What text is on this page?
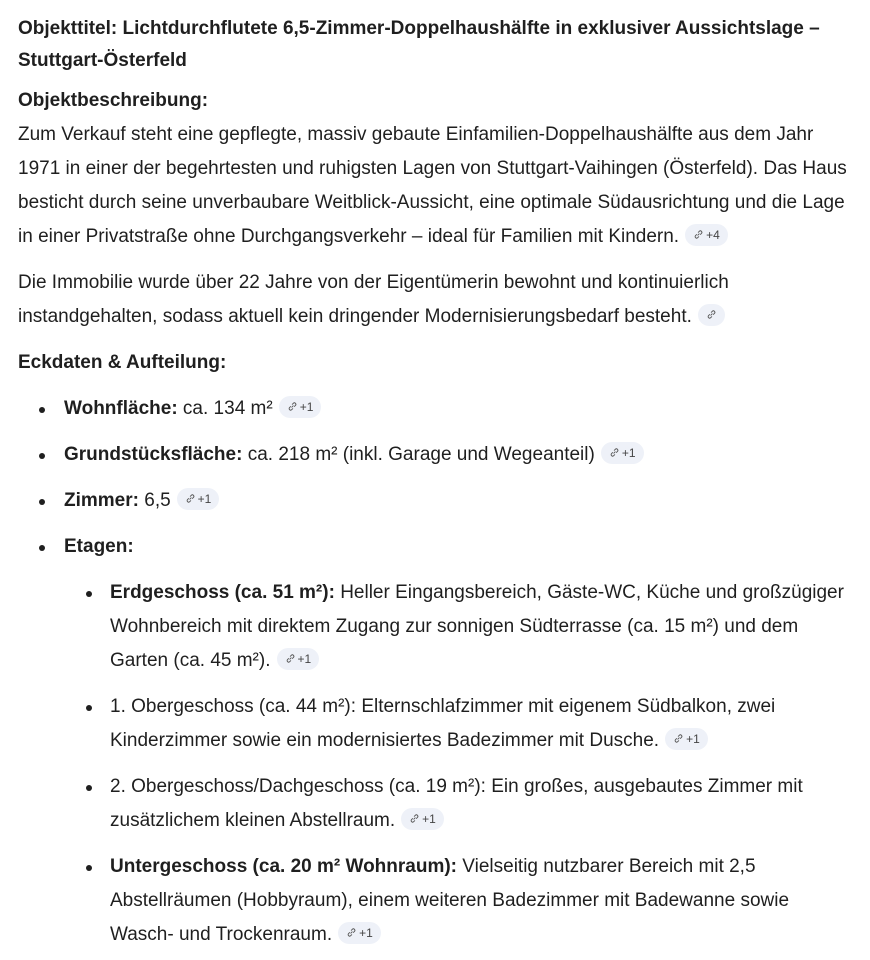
Objekttitel: Lichtdurchflutete 6,5-Zimmer-Doppelhaushälfte in exklusiver Aussichtslage – Stuttgart-Österfeld

Objektbeschreibung:

Zum Verkauf steht eine gepflegte, massiv gebaute Einfamilien-Doppelhaushälfte aus dem Jahr 1971 in einer der begehrtesten und ruhigsten Lagen von Stuttgart-Vaihingen (Österfeld). Das Haus besticht durch seine unverbaubare Weitblick-Aussicht, eine optimale Südausrichtung und die Lage in einer Privatstraße ohne Durchgangsverkehr – ideal für Familien mit Kindern. +4

Die Immobilie wurde über 22 Jahre von der Eigentümerin bewohnt und kontinuierlich instandgehalten, sodass aktuell kein dringender Modernisierungsbedarf besteht.

Eckdaten & Aufteilung:

Wohnfläche: ca. 134 m² +1
Grundstücksfläche: ca. 218 m² (inkl. Garage und Wegeanteil) +1
Zimmer: 6,5 +1
Etagen:
Erdgeschoss (ca. 51 m²): Heller Eingangsbereich, Gäste-WC, Küche und großzügiger Wohnbereich mit direktem Zugang zur sonnigen Südterrasse (ca. 15 m²) und dem Garten (ca. 45 m²). +1
1. Obergeschoss (ca. 44 m²): Elternschlafzimmer mit eigenem Südbalkon, zwei Kinderzimmer sowie ein modernisiertes Badezimmer mit Dusche. +1
2. Obergeschoss/Dachgeschoss (ca. 19 m²): Ein großes, ausgebautes Zimmer mit zusätzlichem kleinen Abstellraum. +1
Untergeschoss (ca. 20 m² Wohnraum): Vielseitig nutzbarer Bereich mit 2,5 Abstellräumen (Hobbyraum), einem weiteren Badezimmer mit Badewanne sowie Wasch- und Trockenraum. +1
